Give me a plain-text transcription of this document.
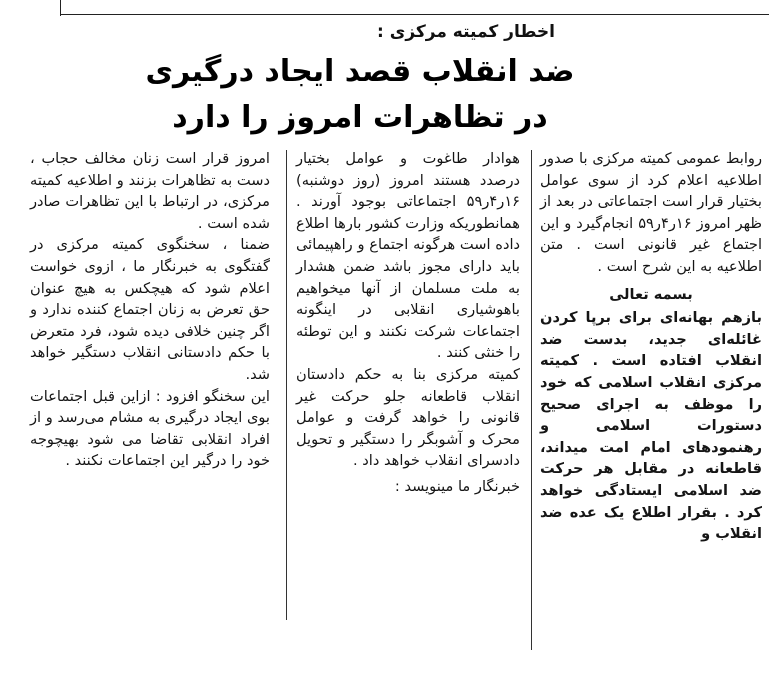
اخطار کمیته مرکزی :
ضد انقلاب قصد ایجاد درگیری
در تظاهرات امروز را دارد

روابط عمومی کمیته مرکزی با صدور اطلاعیه اعلام کرد از سوی عوامل بختیار قرار است اجتماعاتی در بعد از ظهر امروز ۱۶ر۴ر۵۹ انجام‌گیرد و این اجتماع غیر قانونی است . متن اطلاعیه به این شرح است .

بسمه تعالی

بازهم بهانه‌ای برای برپا کردن غائله‌ای جدید، بدست ضد انقلاب افتاده است . کمیته مرکزی انقلاب اسلامی که خود را موظف به اجرای صحیح دستورات اسلامی و رهنمودهای امام امت میداند، قاطعانه در مقابل هر حرکت ضد اسلامی ایستادگی خواهد کرد . بقرار اطلاع یک عده ضد انقلاب و

هوادار طاغوت و عوامل بختیار درصدد هستند امروز (روز دوشنبه) ۱۶ر۴ر۵۹ اجتماعاتی بوجود آورند . همانطوریکه وزارت کشور بارها اطلاع داده است هرگونه اجتماع و راهپیمائی باید دارای مجوز باشد ضمن هشدار به ملت مسلمان از آنها میخواهیم باهوشیاری انقلابی در اینگونه اجتماعات شرکت نکنند و این توطئه را خنثی کنند .

کمیته مرکزی بنا به حکم دادستان انقلاب قاطعانه جلو حرکت غیر قانونی را خواهد گرفت و عوامل محرک و آشوبگر را دستگیر و تحویل دادسرای انقلاب خواهد داد .

خبرنگار ما مینویسد :

امروز قرار است زنان مخالف حجاب ، دست به تظاهرات بزنند و اطلاعیه کمیته مرکزی، در ارتباط با این تظاهرات صادر شده است .

ضمنا ، سخنگوی کمیته مرکزی در گفتگوی به خبرنگار ما ، ازوی خواست اعلام شود که هیچکس به هیچ عنوان حق تعرض به زنان اجتماع کننده ندارد و اگر چنین خلافی دیده شود، فرد متعرض با حکم دادستانی انقلاب دستگیر خواهد شد.

این سخنگو افزود : ازاین قبل اجتماعات بوی ایجاد درگیری به مشام می‌رسد و از افراد انقلابی تقاضا می شود بهیچوجه خود را درگیر این اجتماعات نکنند .
